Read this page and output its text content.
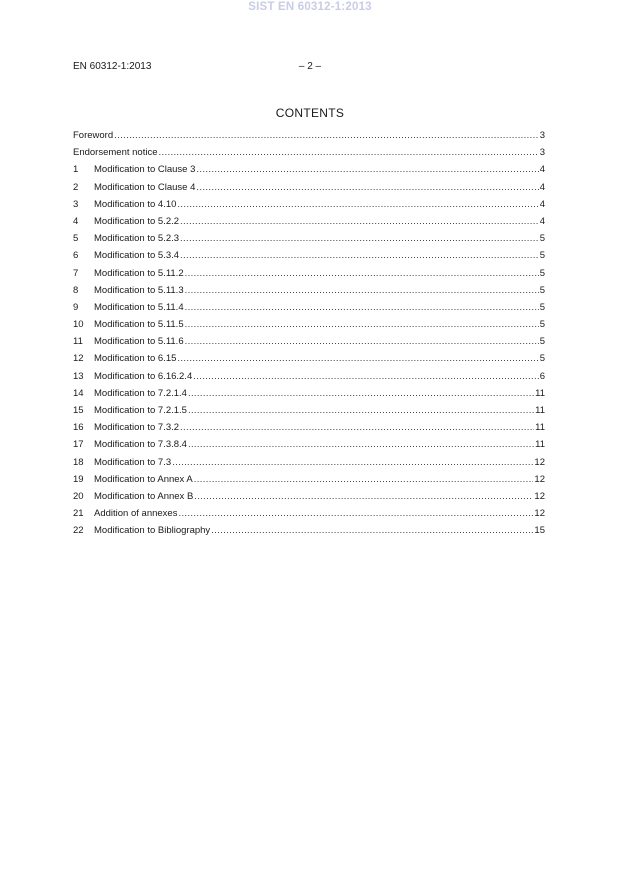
SIST EN 60312-1:2013
EN 60312-1:2013	– 2 –
CONTENTS
Foreword .....	3
Endorsement notice .....	3
1	Modification to Clause 3 .....	4
2	Modification to Clause 4 .....	4
3	Modification to 4.10 .....	4
4	Modification to 5.2.2 .....	4
5	Modification to 5.2.3 .....	5
6	Modification to 5.3.4 .....	5
7	Modification to 5.11.2 .....	5
8	Modification to 5.11.3 .....	5
9	Modification to 5.11.4 .....	5
10	Modification to 5.11.5 .....	5
11	Modification to 5.11.6 .....	5
12	Modification to 6.15 .....	5
13	Modification to 6.16.2.4 .....	6
14	Modification to 7.2.1.4 .....	11
15	Modification to 7.2.1.5 .....	11
16	Modification to 7.3.2 .....	11
17	Modification to 7.3.8.4 .....	11
18	Modification to 7.3 .....	12
19	Modification to Annex A .....	12
20	Modification to Annex B .....	12
21	Addition of annexes .....	12
22	Modification to Bibliography .....	15
